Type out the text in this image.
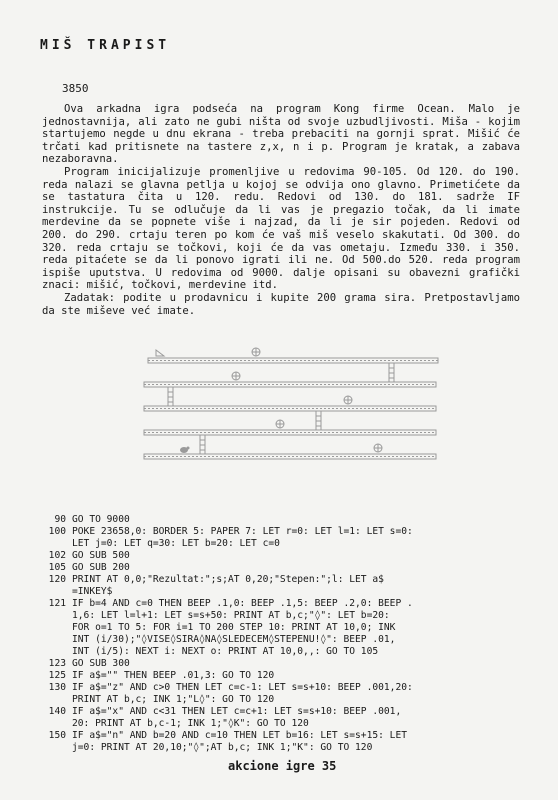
MIŠ TRAPIST
3850

Ova arkadna igra podseća na program Kong firme Ocean. Malo je jednostavnija, ali zato ne gubi ništa od svoje uzbudljivosti. Miša - kojim startujemo negde u dnu ekrana - treba prebaciti na gornji sprat. Mišić će trčati kad pritisnete na tastere z,x, n i p. Program je kratak, a zabava nezaboravna.

Program inicijalizuje promenljive u redovima 90-105. Od 120. do 190. reda nalazi se glavna petlja u kojoj se odvija ono glavno. Primetićete da se tastatura čita u 120. redu. Redovi od 130. do 181. sadrže IF instrukcije. Tu se odlučuje da li vas je pregazio točak, da li imate merdevine da se popnete više i najzad, da li je sir pojeden. Redovi od 200. do 290. crtaju teren po kom će vaš miš veselo skakutati. Od 300. do 320. reda crtaju se točkovi, koji će da vas ometaju. Između 330. i 350. reda pitaćete se da li ponovo igrati ili ne. Od 500.do 520. reda program ispiše uputstva. U redovima od 9000. dalje opisani su obavezni grafički znaci: mišić, točkovi, merdevine itd.

Zadatak: podite u prodavnicu i kupite 200 grama sira. Pretpostavljamo da ste miševe već imate.

90 GO TO 9000
100 POKE 23658,0: BORDER 5: PAPER 7: LET r=0: LET l=1: LET s=0:
LET j=0: LET q=30: LET b=20: LET c=0
102 GO SUB 500
105 GO SUB 200
120 PRINT AT 0,0;"Rezultat:";s;AT 0,20;"Stepen:";l: LET a$
=INKEY$
121 IF b=4 AND c=0 THEN BEEP .1,0: BEEP .1,5: BEEP .2,0: BEEP .
1,6: LET l=l+1: LET s=s+50: PRINT AT b,c;"◊": LET b=20:
FOR o=1 TO 5: FOR i=1 TO 200 STEP 10: PRINT AT 10,0; INK
INT (i/30);"◊VISE◊SIRA◊NA◊SLEDECEM◊STEPENU!◊": BEEP .01,
INT (i/5): NEXT i: NEXT o: PRINT AT 10,0,,: GO TO 105
123 GO SUB 300
125 IF a$="" THEN BEEP .01,3: GO TO 120
130 IF a$="z" AND c>0 THEN LET c=c-1: LET s=s+10: BEEP .001,20:
PRINT AT b,c; INK 1;"L◊": GO TO 120
140 IF a$="x" AND c<31 THEN LET c=c+1: LET s=s+10: BEEP .001,
20: PRINT AT b,c-1; INK 1;"◊K": GO TO 120
150 IF a$="n" AND b=20 AND c=10 THEN LET b=16: LET s=s+15: LET
j=0: PRINT AT 20,10;"◊";AT b,c; INK 1;"K": GO TO 120
akcione igre 35
